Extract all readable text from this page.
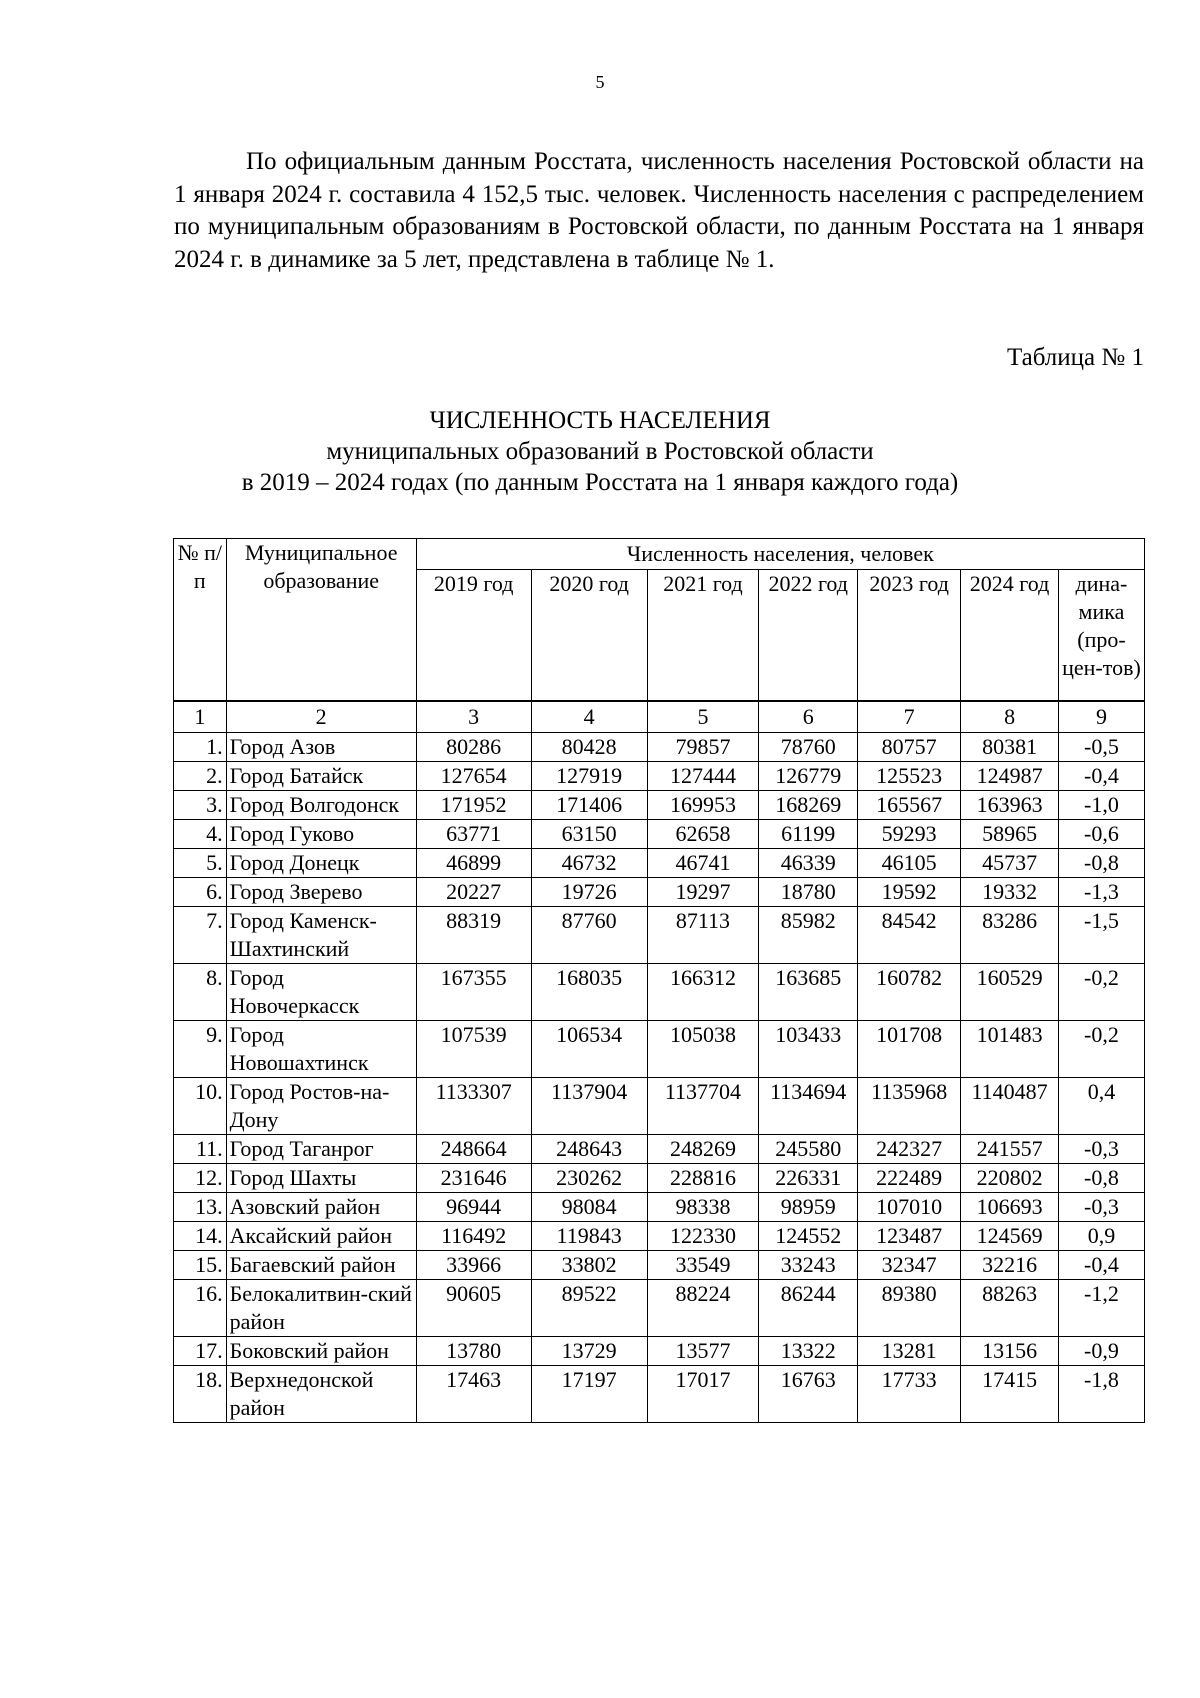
5

По официальным данным Росстата, численность населения Ростовской области на 1 января 2024 г. составила 4 152,5 тыс. человек. Численность населения с распределением по муниципальным образованиям в Ростовской области, по данным Росстата на 1 января 2024 г. в динамике за 5 лет, представлена в таблице № 1.

Таблица № 1
ЧИСЛЕННОСТЬ НАСЕЛЕНИЯ
муниципальных образований в Ростовской области
в 2019 – 2024 годах (по данным Росстата на 1 января каждого года)
№ п/п	Муниципальное образование	Численность населения, человек						
		2019 год	2020 год	2021 год	2022 год	2023 год	2024 год	дина-мика (про-цен-тов)
1	2	3	4	5	6	7	8	9
1.	Город Азов	80286	80428	79857	78760	80757	80381	-0,5
2.	Город Батайск	127654	127919	127444	126779	125523	124987	-0,4
3.	Город Волгодонск	171952	171406	169953	168269	165567	163963	-1,0
4.	Город Гуково	63771	63150	62658	61199	59293	58965	-0,6
5.	Город Донецк	46899	46732	46741	46339	46105	45737	-0,8
6.	Город Зверево	20227	19726	19297	18780	19592	19332	-1,3
7.	Город Каменск-Шахтинский	88319	87760	87113	85982	84542	83286	-1,5
8.	Город Новочеркасск	167355	168035	166312	163685	160782	160529	-0,2
9.	Город Новошахтинск	107539	106534	105038	103433	101708	101483	-0,2
10.	Город Ростов-на-Дону	1133307	1137904	1137704	1134694	1135968	1140487	0,4
11.	Город Таганрог	248664	248643	248269	245580	242327	241557	-0,3
12.	Город Шахты	231646	230262	228816	226331	222489	220802	-0,8
13.	Азовский район	96944	98084	98338	98959	107010	106693	-0,3
14.	Аксайский район	116492	119843	122330	124552	123487	124569	0,9
15.	Багаевский район	33966	33802	33549	33243	32347	32216	-0,4
16.	Белокалитвин-ский район	90605	89522	88224	86244	89380	88263	-1,2
17.	Боковский район	13780	13729	13577	13322	13281	13156	-0,9
18.	Верхнедонской район	17463	17197	17017	16763	17733	17415	-1,8
